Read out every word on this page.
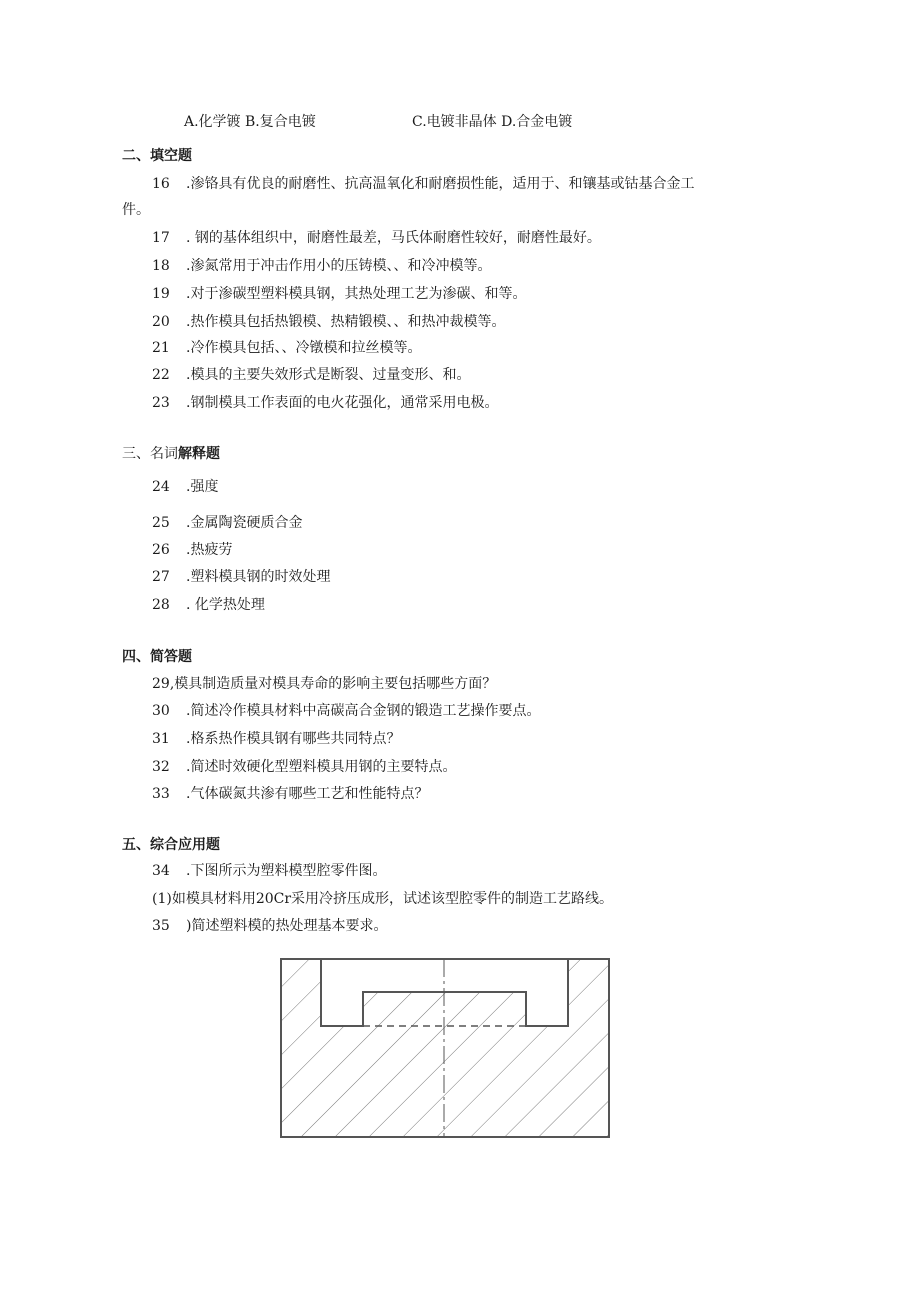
A.化学镀 B.复合电镀	C.电镀非晶体 D.合金电镀
二、填空题
16 .渗铬具有优良的耐磨性、抗高温氧化和耐磨损性能，适用于、和镶基或钴基合金工
件。
17 . 钢的基体组织中，耐磨性最差，马氏体耐磨性较好，耐磨性最好。
18 .渗氮常用于冲击作用小的压铸模、、和冷冲模等。
19 .对于渗碳型塑料模具钢，其热处理工艺为渗碳、和等。
20 .热作模具包括热锻模、热精锻模、、和热冲裁模等。
21 .冷作模具包括、、冷镦模和拉丝模等。
22 .模具的主要失效形式是断裂、过量变形、和。
23 .钢制模具工作表面的电火花强化，通常采用电极。
三、名词解释题
24 .强度
25 .金属陶瓷硬质合金
26 .热疲劳
27 .塑料模具钢的时效处理
28 . 化学热处理
四、简答题
29,模具制造质量对模具寿命的影响主要包括哪些方面？
30 .简述冷作模具材料中高碳高合金钢的锻造工艺操作要点。
31 .格系热作模具钢有哪些共同特点？
32 .简述时效硬化型塑料模具用钢的主要特点。
33 .气体碳氮共渗有哪些工艺和性能特点？
五、综合应用题
34 .下图所示为塑料模型腔零件图。
(1)如模具材料用20Cr采用冷挤压成形，试述该型腔零件的制造工艺路线。
35 )简述塑料模的热处理基本要求。
